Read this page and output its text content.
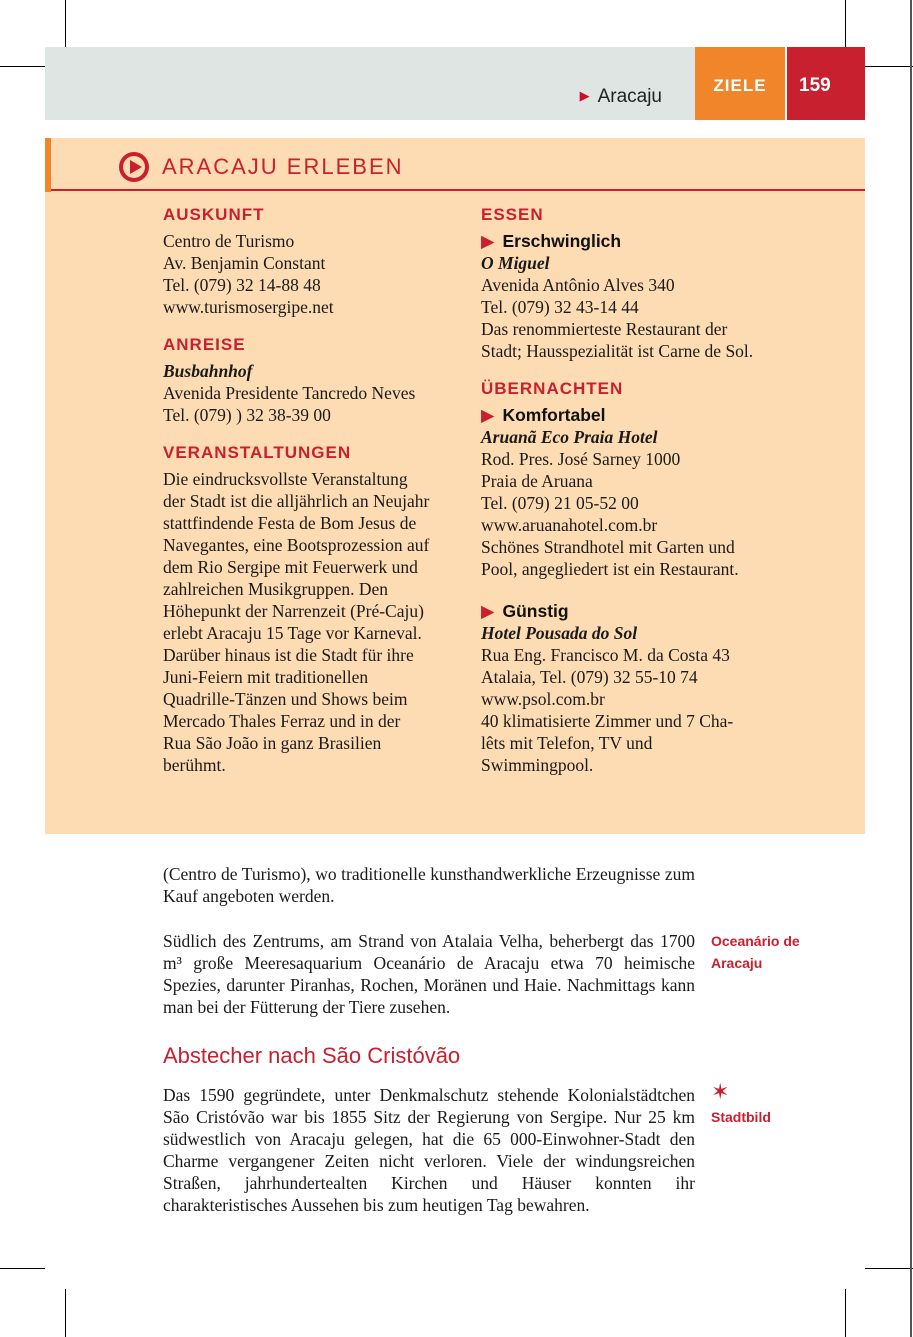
▶ Aracaju
ZIELE	159
ARACAJU ERLEBEN
AUSKUNFT
Centro de Turismo
Av. Benjamin Constant
Tel. (079) 32 14-88 48
www.turismosergipe.net
ANREISE
Busbahnhof
Avenida Presidente Tancredo Neves
Tel. (079) ) 32 38-39 00
VERANSTALTUNGEN
Die eindrucksvollste Veranstaltung
der Stadt ist die alljährlich an Neujahr
stattfindende Festa de Bom Jesus de
Navegantes, eine Bootsprozession auf
dem Rio Sergipe mit Feuerwerk und
zahlreichen Musikgruppen. Den
Höhepunkt der Narrenzeit (Pré-Caju)
erlebt Aracaju 15 Tage vor Karneval.
Darüber hinaus ist die Stadt für ihre
Juni-Feiern mit traditionellen
Quadrille-Tänzen und Shows beim
Mercado Thales Ferraz und in der
Rua São João in ganz Brasilien
berühmt.
ESSEN
▶ Erschwinglich
O Miguel
Avenida Antônio Alves 340
Tel. (079) 32 43-14 44
Das renommierteste Restaurant der
Stadt; Hausspezialität ist Carne de Sol.
ÜBERNACHTEN
▶ Komfortabel
Aruanã Eco Praia Hotel
Rod. Pres. José Sarney 1000
Praia de Aruana
Tel. (079) 21 05-52 00
www.aruanahotel.com.br
Schönes Strandhotel mit Garten und
Pool, angegliedert ist ein Restaurant.
▶ Günstig
Hotel Pousada do Sol
Rua Eng. Francisco M. da Costa 43
Atalaia, Tel. (079) 32 55-10 74
www.psol.com.br
40 klimatisierte Zimmer und 7 Cha-
lêts mit Telefon, TV und
Swimmingpool.

(Centro de Turismo), wo traditionelle kunsthandwerkliche Erzeugnisse zum Kauf angeboten werden.

Südlich des Zentrums, am Strand von Atalaia Velha, beherbergt das 1700 m³ große Meeresaquarium Oceanário de Aracaju etwa 70 heimische Spezies, darunter Piranhas, Rochen, Moränen und Haie. Nachmittags kann man bei der Fütterung der Tiere zusehen.

Oceanário de
Aracaju
Abstecher nach São Cristóvão
✶
Stadtbild

Das 1590 gegründete, unter Denkmalschutz stehende Kolonialstädtchen São Cristóvão war bis 1855 Sitz der Regierung von Sergipe. Nur 25 km südwestlich von Aracaju gelegen, hat die 65 000-Einwohner-Stadt den Charme vergangener Zeiten nicht verloren. Viele der windungsreichen Straßen, jahrhundertealten Kirchen und Häuser konnten ihr charakteristisches Aussehen bis zum heutigen Tag bewahren.
